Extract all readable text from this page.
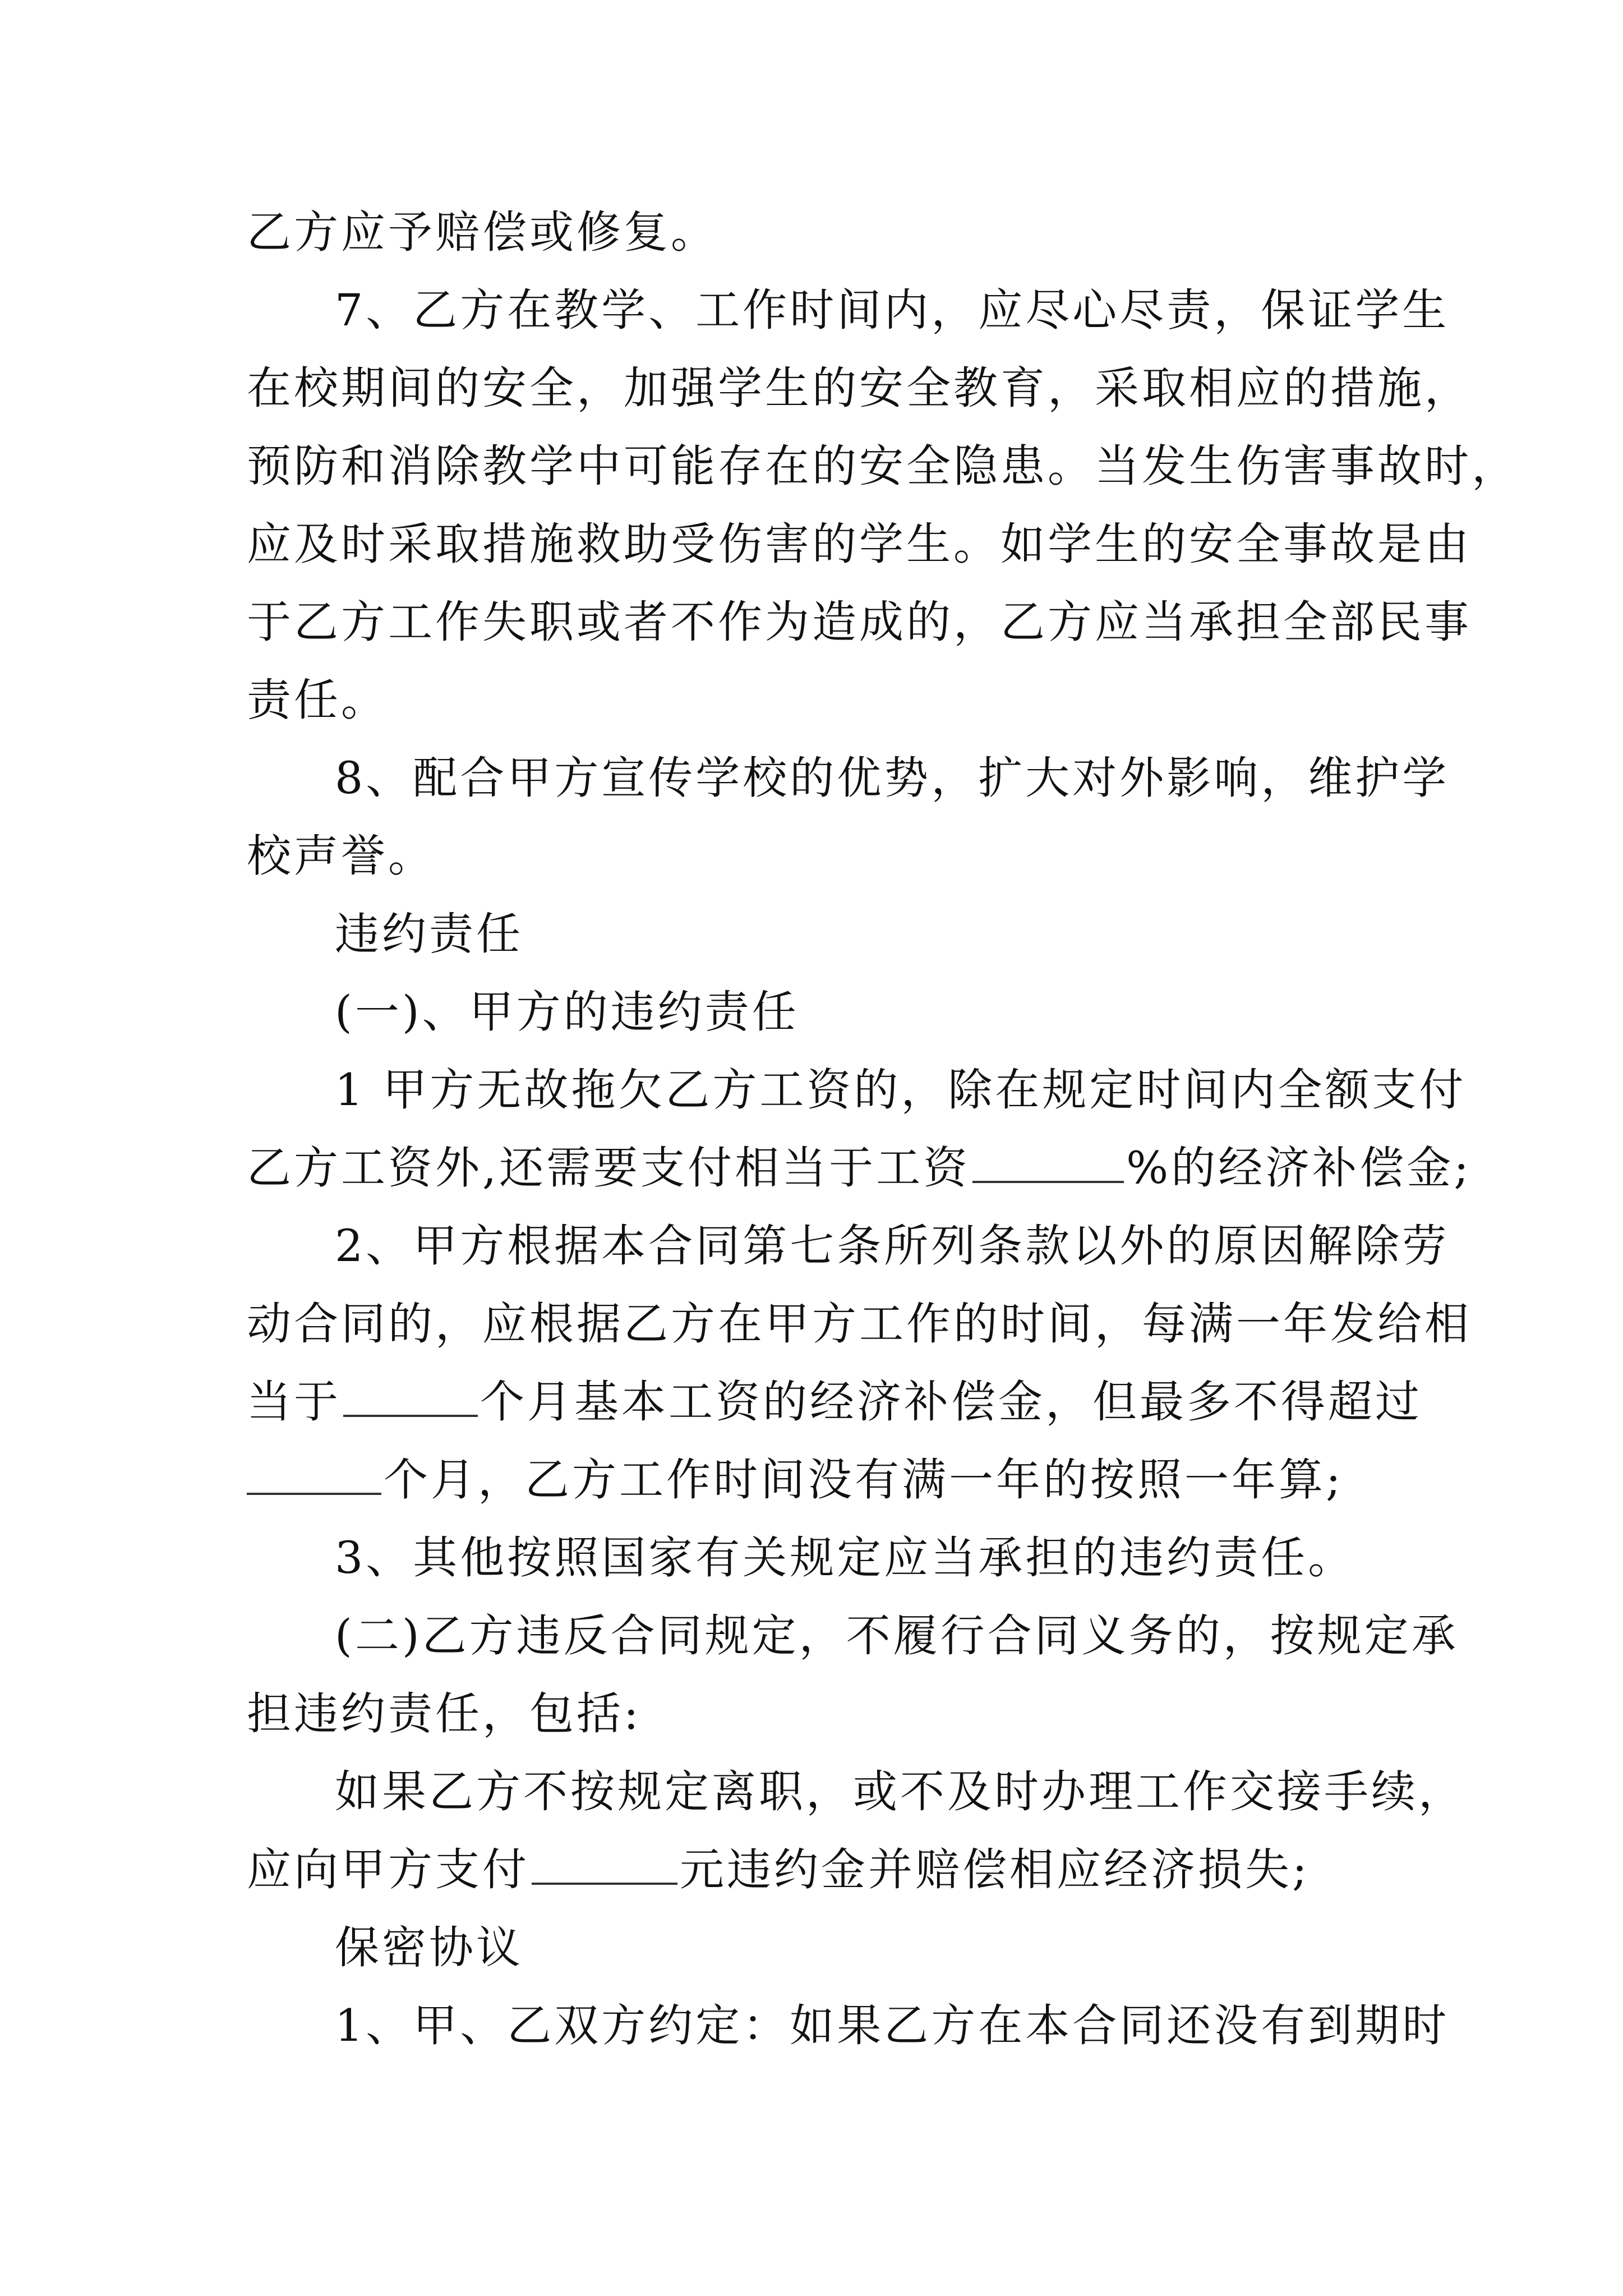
乙方应予赔偿或修复。
7、乙方在教学、工作时间内，应尽心尽责，保证学生
在校期间的安全，加强学生的安全教育，采取相应的措施，
预防和消除教学中可能存在的安全隐患。当发生伤害事故时，
应及时采取措施救助受伤害的学生。如学生的安全事故是由
于乙方工作失职或者不作为造成的，乙方应当承担全部民事
责任。
8、配合甲方宣传学校的优势，扩大对外影响，维护学
校声誉。
违约责任
(一)、甲方的违约责任
1 甲方无故拖欠乙方工资的，除在规定时间内全额支付
乙方工资外,还需要支付相当于工资	%的经济补偿金;
2、甲方根据本合同第七条所列条款以外的原因解除劳
动合同的，应根据乙方在甲方工作的时间，每满一年发给相
当于	个月基本工资的经济补偿金，但最多不得超过
个月，乙方工作时间没有满一年的按照一年算;
3、其他按照国家有关规定应当承担的违约责任。
(二)乙方违反合同规定，不履行合同义务的，按规定承
担违约责任，包括:
如果乙方不按规定离职，或不及时办理工作交接手续，
应向甲方支付	元违约金并赔偿相应经济损失;
保密协议
1、甲、乙双方约定：如果乙方在本合同还没有到期时
